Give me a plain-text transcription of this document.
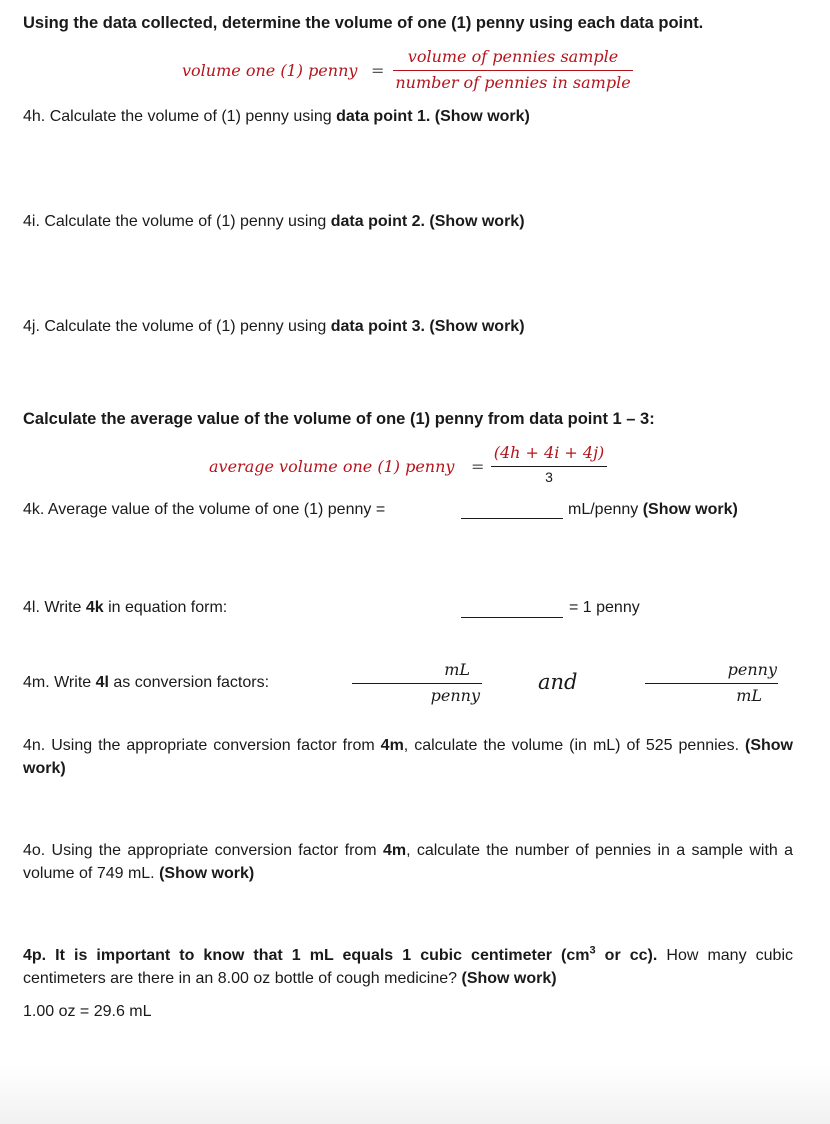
Using the data collected, determine the volume of one (1) penny using each data point.
volume one (1) penny =
volume of pennies sample
number of pennies in sample
4h. Calculate the volume of (1) penny using data point 1. (Show work)
4i. Calculate the volume of (1) penny using data point 2. (Show work)
4j. Calculate the volume of (1) penny using data point 3. (Show work)
Calculate the average value of the volume of one (1) penny from data point 1 – 3:
average volume one (1) penny =
(4h + 4i + 4j)
3
4k. Average value of the volume of one (1) penny =	mL/penny (Show work)
4l. Write 4k in equation form:	= 1 penny
4m. Write 4l as conversion factors:
mL
penny
and
penny
mL
4n. Using the appropriate conversion factor from 4m, calculate the volume (in mL) of 525 pennies. (Show work)
4o. Using the appropriate conversion factor from 4m, calculate the number of pennies in a sample with a volume of 749 mL. (Show work)
4p. It is important to know that 1 mL equals 1 cubic centimeter ($cm^3$ or cc). How many cubic centimeters are there in an 8.00 oz bottle of cough medicine? (Show work)
1.00 oz = 29.6 mL
